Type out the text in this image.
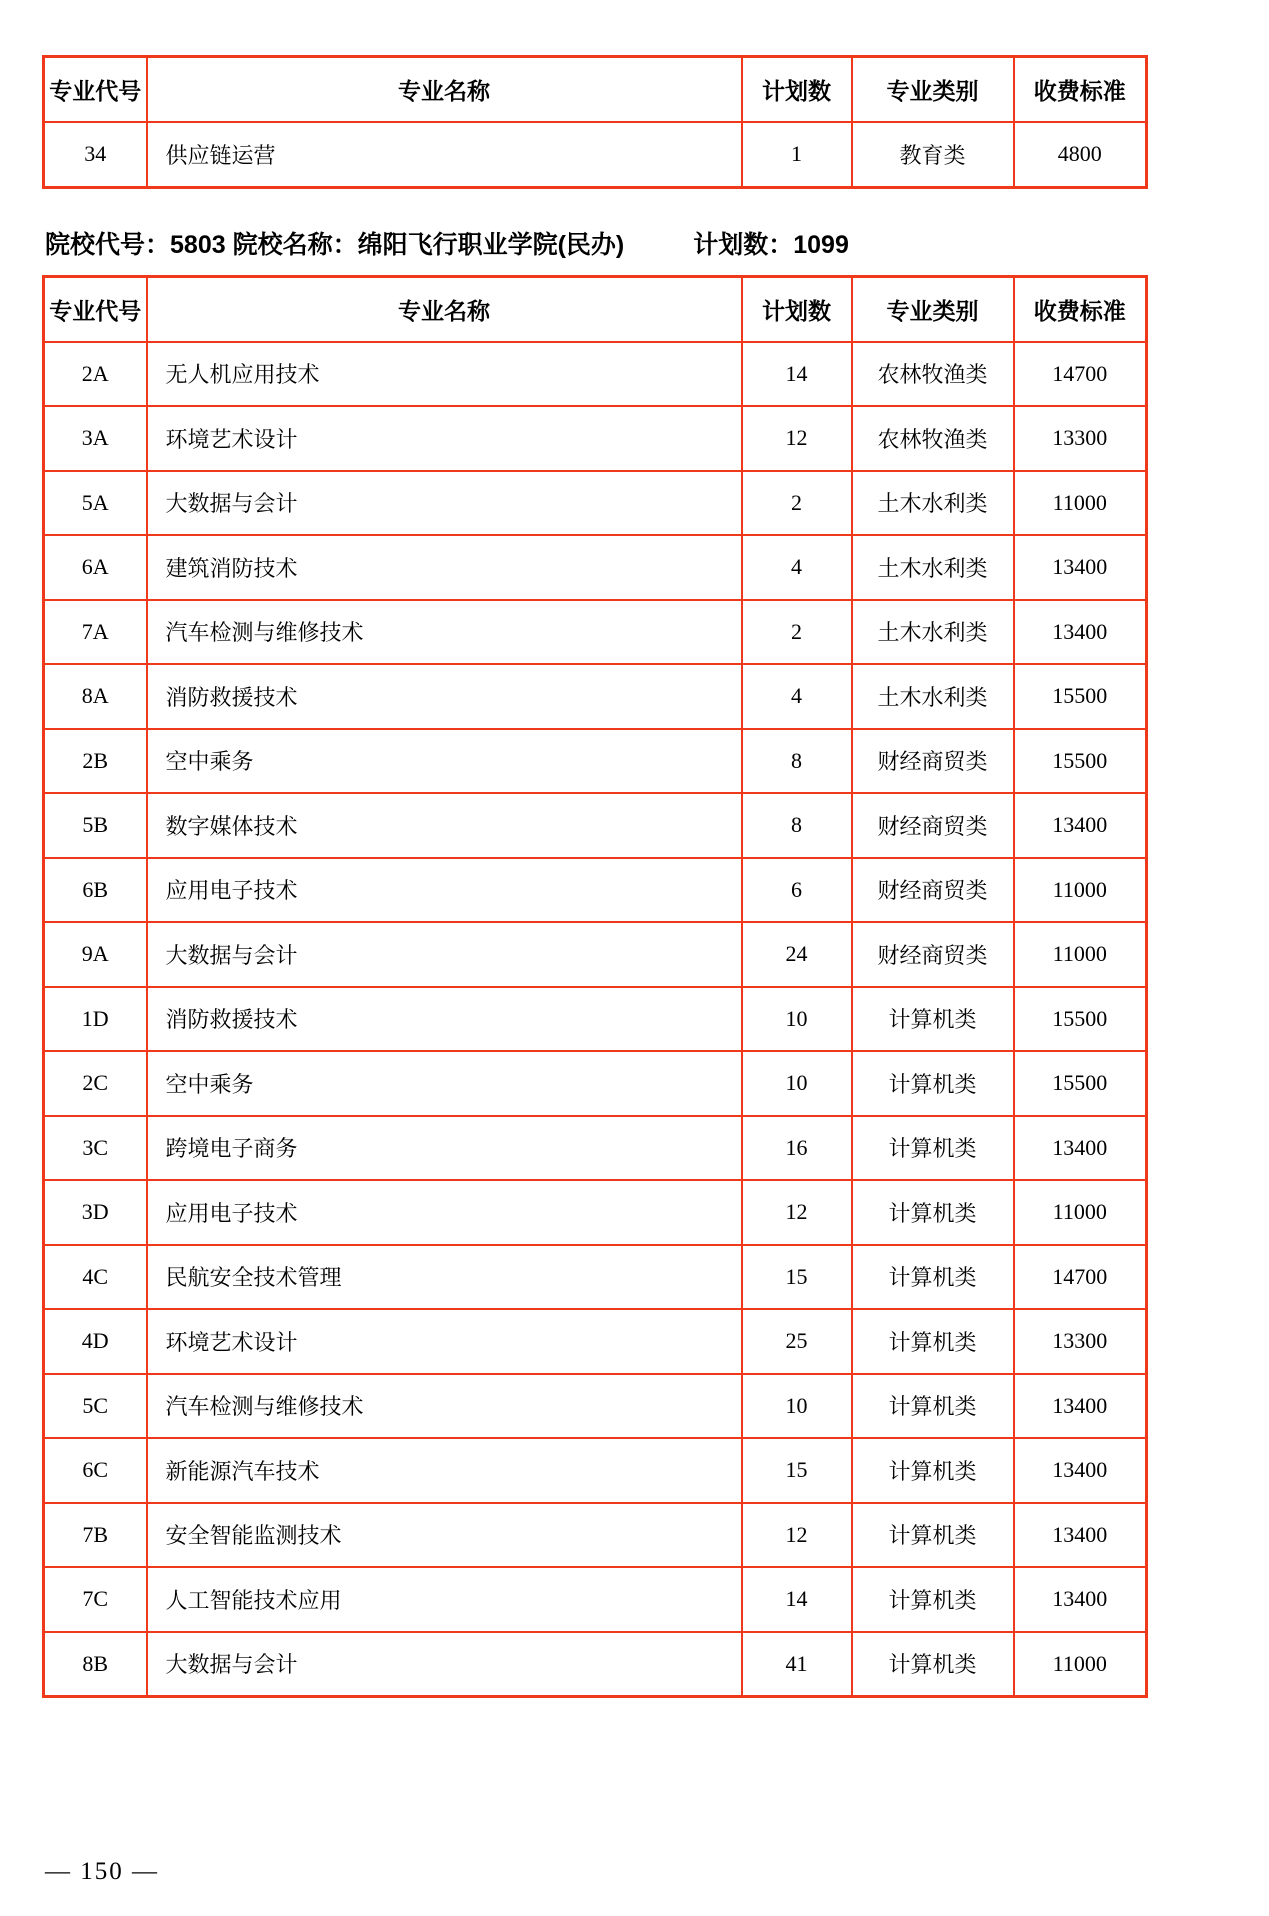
专业代号	专业名称	计划数	专业类别	收费标准
34	供应链运营	1	教育类	4800
院校代号：5803 院校名称：绵阳飞行职业学院(民办)	计划数：1099
专业代号	专业名称	计划数	专业类别	收费标准
2A	无人机应用技术	14	农林牧渔类	14700
3A	环境艺术设计	12	农林牧渔类	13300
5A	大数据与会计	2	土木水利类	11000
6A	建筑消防技术	4	土木水利类	13400
7A	汽车检测与维修技术	2	土木水利类	13400
8A	消防救援技术	4	土木水利类	15500
2B	空中乘务	8	财经商贸类	15500
5B	数字媒体技术	8	财经商贸类	13400
6B	应用电子技术	6	财经商贸类	11000
9A	大数据与会计	24	财经商贸类	11000
1D	消防救援技术	10	计算机类	15500
2C	空中乘务	10	计算机类	15500
3C	跨境电子商务	16	计算机类	13400
3D	应用电子技术	12	计算机类	11000
4C	民航安全技术管理	15	计算机类	14700
4D	环境艺术设计	25	计算机类	13300
5C	汽车检测与维修技术	10	计算机类	13400
6C	新能源汽车技术	15	计算机类	13400
7B	安全智能监测技术	12	计算机类	13400
7C	人工智能技术应用	14	计算机类	13400
8B	大数据与会计	41	计算机类	11000
— 150 —
